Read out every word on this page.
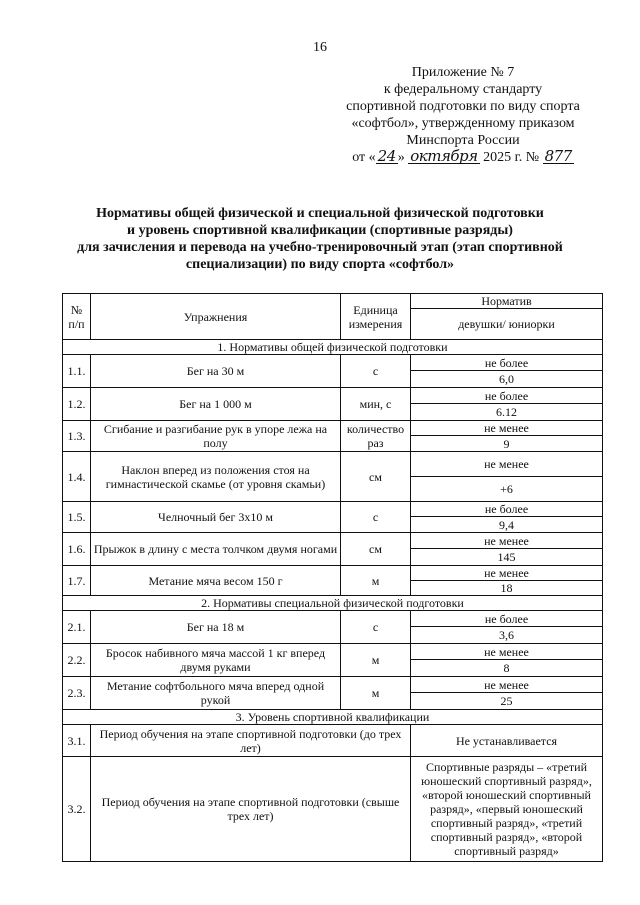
16
Приложение № 7
к федеральному стандарту
спортивной подготовки по виду спорта
«софтбол», утвержденному приказом
Минспорта России
от « 24 » октября 2025 г. № 877
Нормативы общей физической и специальной физической подготовки
и уровень спортивной квалификации (спортивные разряды)
для зачисления и перевода на учебно-тренировочный этап (этап спортивной
специализации) по виду спорта «софтбол»
№ п/п	Упражнения	Единица измерения	Норматив
			девушки/ юниорки
1. Нормативы общей физической подготовки			
1.1.	Бег на 30 м	с	не более
			6,0
1.2.	Бег на 1 000 м	мин, с	не более
			6.12
1.3.	Сгибание и разгибание рук в упоре лежа на полу	количество раз	не менее
			9
1.4.	Наклон вперед из положения стоя на гимнастической скамье (от уровня скамьи)	см	не менее
			+6
1.5.	Челночный бег 3х10 м	с	не более
			9,4
1.6.	Прыжок в длину с места толчком двумя ногами	см	не менее
			145
1.7.	Метание мяча весом 150 г	м	не менее
			18
2. Нормативы специальной физической подготовки			
2.1.	Бег на 18 м	с	не более
			3,6
2.2.	Бросок набивного мяча массой 1 кг вперед двумя руками	м	не менее
			8
2.3.	Метание софтбольного мяча вперед одной рукой	м	не менее
			25
3. Уровень спортивной квалификации			
3.1.	Период обучения на этапе спортивной подготовки (до трех лет)		Не устанавливается
3.2.	Период обучения на этапе спортивной подготовки (свыше трех лет)		Спортивные разряды – «третий юношеский спортивный разряд», «второй юношеский спортивный разряд», «первый юношеский спортивный разряд», «третий спортивный разряд», «второй спортивный разряд»
